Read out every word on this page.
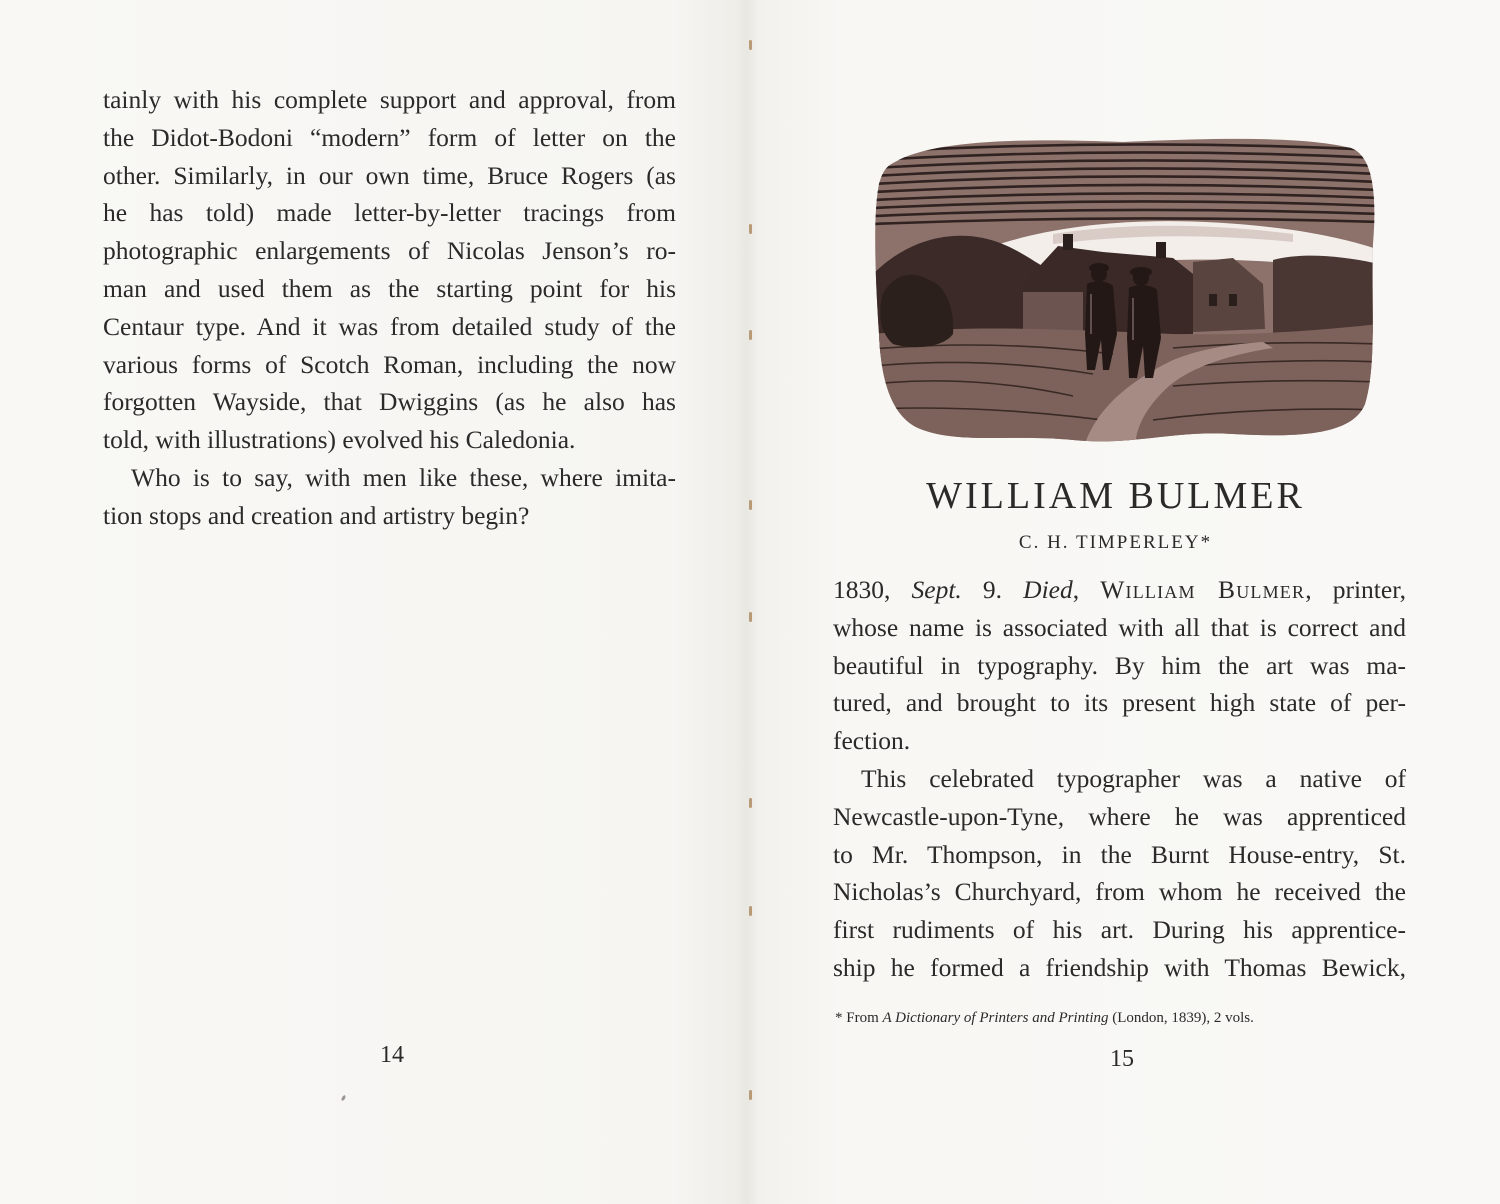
tainly with his complete support and approval, from
the Didot-Bodoni “modern” form of letter on the
other. Similarly, in our own time, Bruce Rogers (as
he has told) made letter-by-letter tracings from
photographic enlargements of Nicolas Jenson’s ro-
man and used them as the starting point for his
Centaur type. And it was from detailed study of the
various forms of Scotch Roman, including the now
forgotten Wayside, that Dwiggins (as he also has
told, with illustrations) evolved his Caledonia.
Who is to say, with men like these, where imita-
tion stops and creation and artistry begin?
14
WILLIAM BULMER
C. H. TIMPERLEY*
1830, Sept. 9. Died, William Bulmer, printer,
whose name is associated with all that is correct and
beautiful in typography. By him the art was ma-
tured, and brought to its present high state of per-
fection.
This celebrated typographer was a native of
Newcastle-upon-Tyne, where he was apprenticed
to Mr. Thompson, in the Burnt House-entry, St.
Nicholas’s Churchyard, from whom he received the
first rudiments of his art. During his apprentice-
ship he formed a friendship with Thomas Bewick,
* From A Dictionary of Printers and Printing (London, 1839), 2 vols.
15
